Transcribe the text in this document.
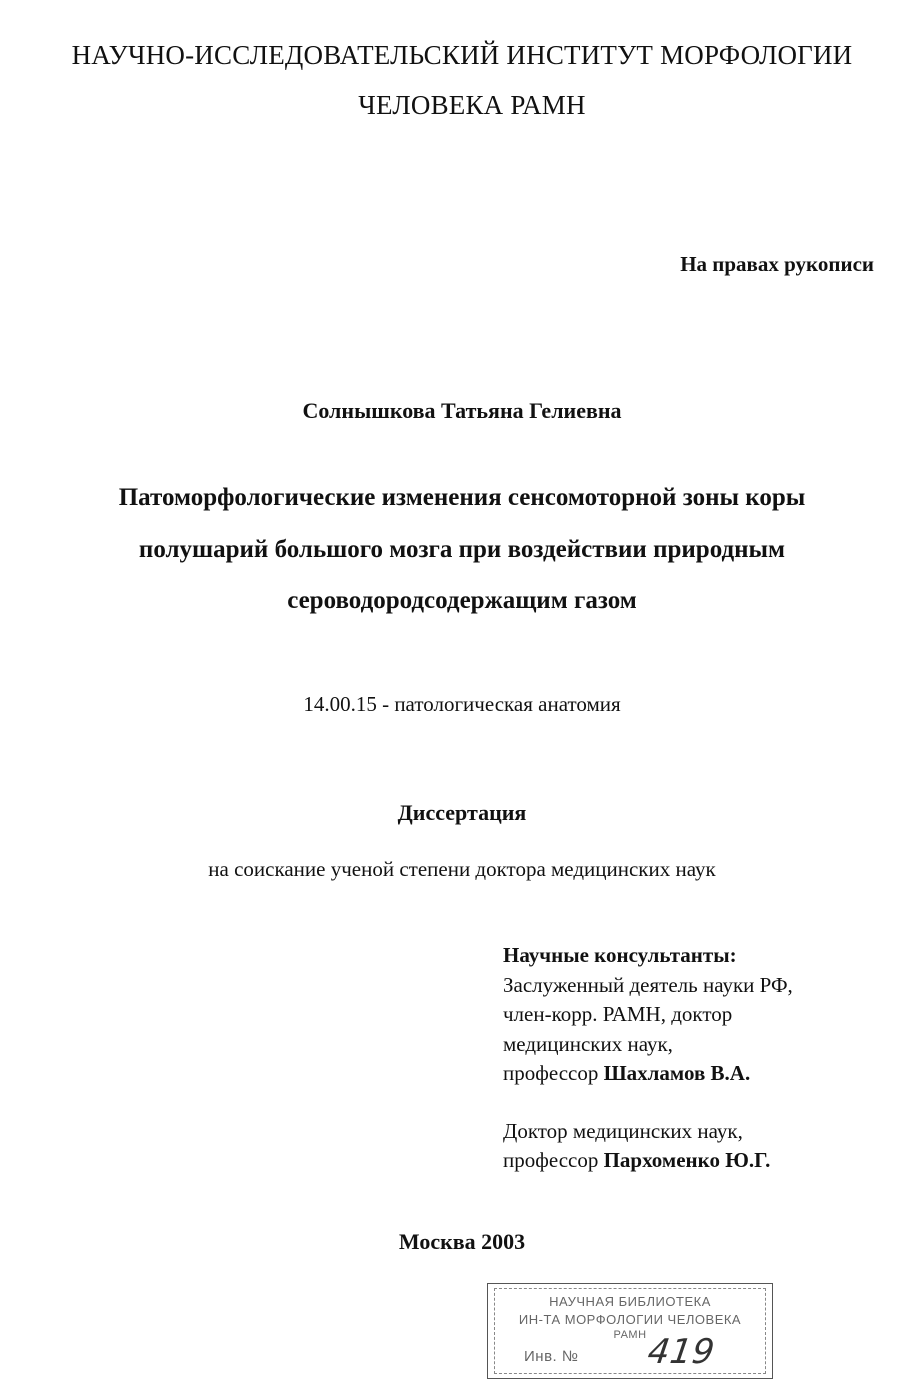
НАУЧНО-ИССЛЕДОВАТЕЛЬСКИЙ ИНСТИТУТ МОРФОЛОГИИ
ЧЕЛОВЕКА РАМН
На правах рукописи
Солнышкова Татьяна Гелиевна
Патоморфологические изменения сенсомоторной зоны коры
полушарий большого мозга при воздействии природным
сероводородсодержащим газом
14.00.15 - патологическая анатомия
Диссертация
на соискание ученой степени доктора медицинских наук
Научные консультанты:
Заслуженный деятель науки РФ,
член-корр. РАМН, доктор
медицинских наук,
профессор Шахламов В.А.
Доктор медицинских наук,
профессор Пархоменко Ю.Г.
Москва 2003
НАУЧНАЯ БИБЛИОТЕКА
ИН-ТА МОРФОЛОГИИ ЧЕЛОВЕКА
РАМН
Инв. № 419
